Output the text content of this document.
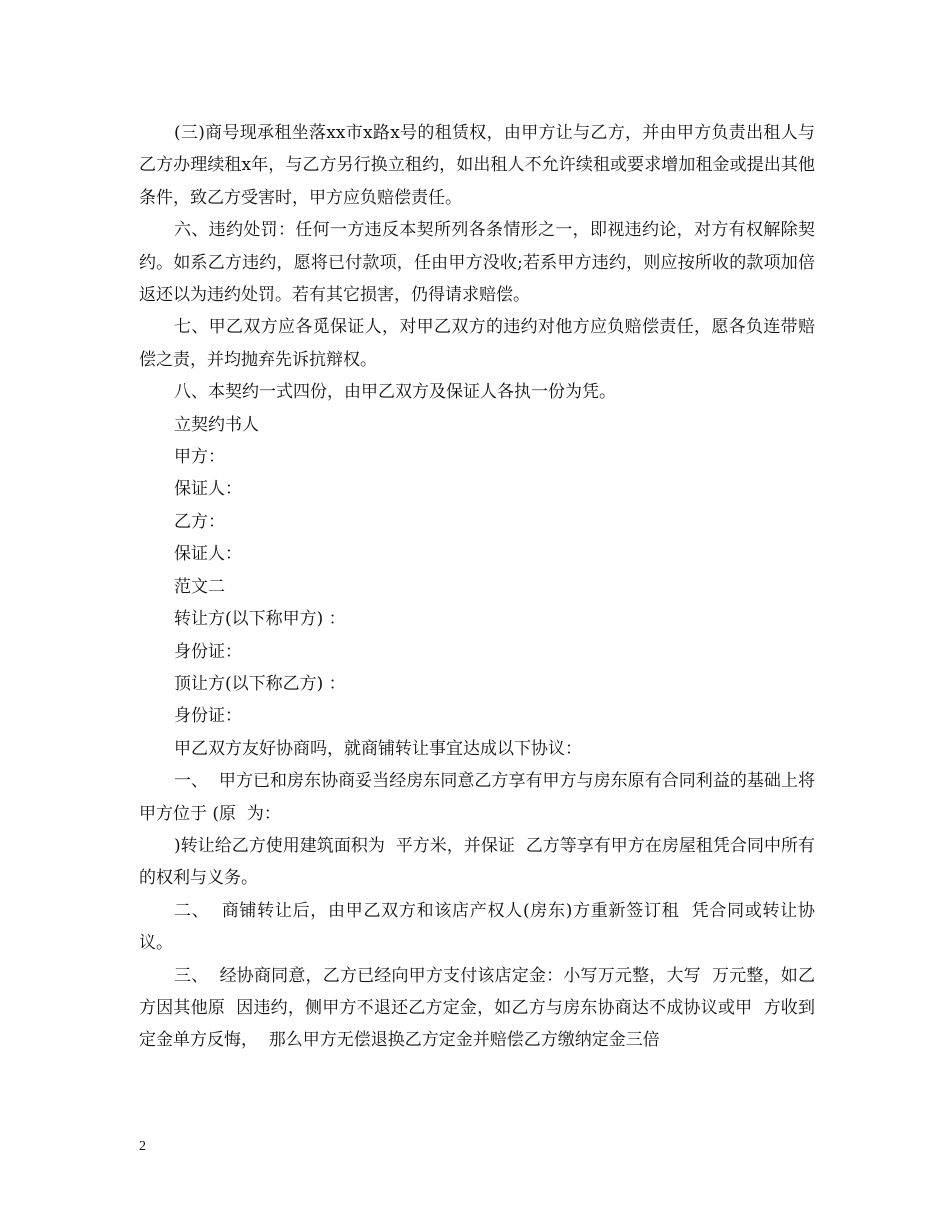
(三)商号现承租坐落xx市x路x号的租赁权，由甲方让与乙方，并由甲方负责出租人与乙方办理续租x年，与乙方另行换立租约，如出租人不允许续租或要求增加租金或提出其他条件，致乙方受害时，甲方应负赔偿责任。

六、违约处罚：任何一方违反本契所列各条情形之一，即视违约论，对方有权解除契约。如系乙方违约，愿将已付款项，任由甲方没收;若系甲方违约，则应按所收的款项加倍返还以为违约处罚。若有其它损害，仍得请求赔偿。

七、甲乙双方应各觅保证人，对甲乙双方的违约对他方应负赔偿责任，愿各负连带赔偿之责，并均抛弃先诉抗辩权。

八、本契约一式四份，由甲乙双方及保证人各执一份为凭。

立契约书人

甲方：

保证人：

乙方：

保证人：

范文二

转让方(以下称甲方) ：

身份证：

顶让方(以下称乙方) ：

身份证：

甲乙双方友好协商吗，就商铺转让事宜达成以下协议：

一、  甲方已和房东协商妥当经房东同意乙方享有甲方与房东原有合同利益的基础上将甲方位于 (原  为：

)转让给乙方使用建筑面积为  平方米，并保证  乙方等享有甲方在房屋租凭合同中所有的权利与义务。

二、  商铺转让后，由甲乙双方和该店产权人(房东)方重新签订租  凭合同或转让协议。

三、  经协商同意，乙方已经向甲方支付该店定金：小写万元整，大写  万元整，如乙方因其他原  因违约，侧甲方不退还乙方定金，如乙方与房东协商达不成协议或甲  方收到定金单方反悔，  那么甲方无偿退换乙方定金并赔偿乙方缴纳定金三倍

2
